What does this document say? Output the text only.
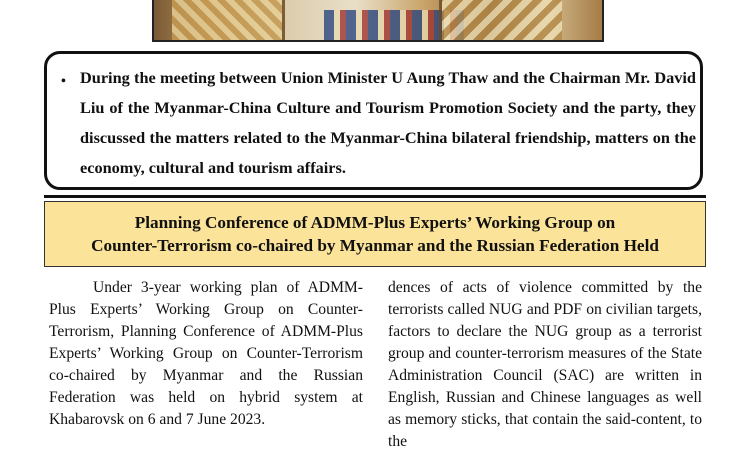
• During the meeting between Union Minister U Aung Thaw and the Chairman Mr. David Liu of the Myanmar-China Culture and Tourism Promotion Society and the party, they discussed the matters related to the Myanmar-China bilateral friendship, matters on the economy, cultural and tourism affairs.

Planning Conference of ADMM-Plus Experts’ Working Group on
Counter-Terrorism co-chaired by Myanmar and the Russian Federation Held

Under 3-year working plan of ADMM-Plus Experts’ Working Group on Counter-Terrorism, Planning Conference of ADMM-Plus Experts’ Working Group on Counter-Terrorism co-chaired by Myanmar and the Russian Federation was held on hybrid system at Khabarovsk on 6 and 7 June 2023.

dences of acts of violence committed by the terrorists called NUG and PDF on civilian targets, factors to declare the NUG group as a terrorist group and counter-terrorism measures of the State Administration Council (SAC) are written in English, Russian and Chinese languages as well as memory sticks, that contain the said-content, to the
